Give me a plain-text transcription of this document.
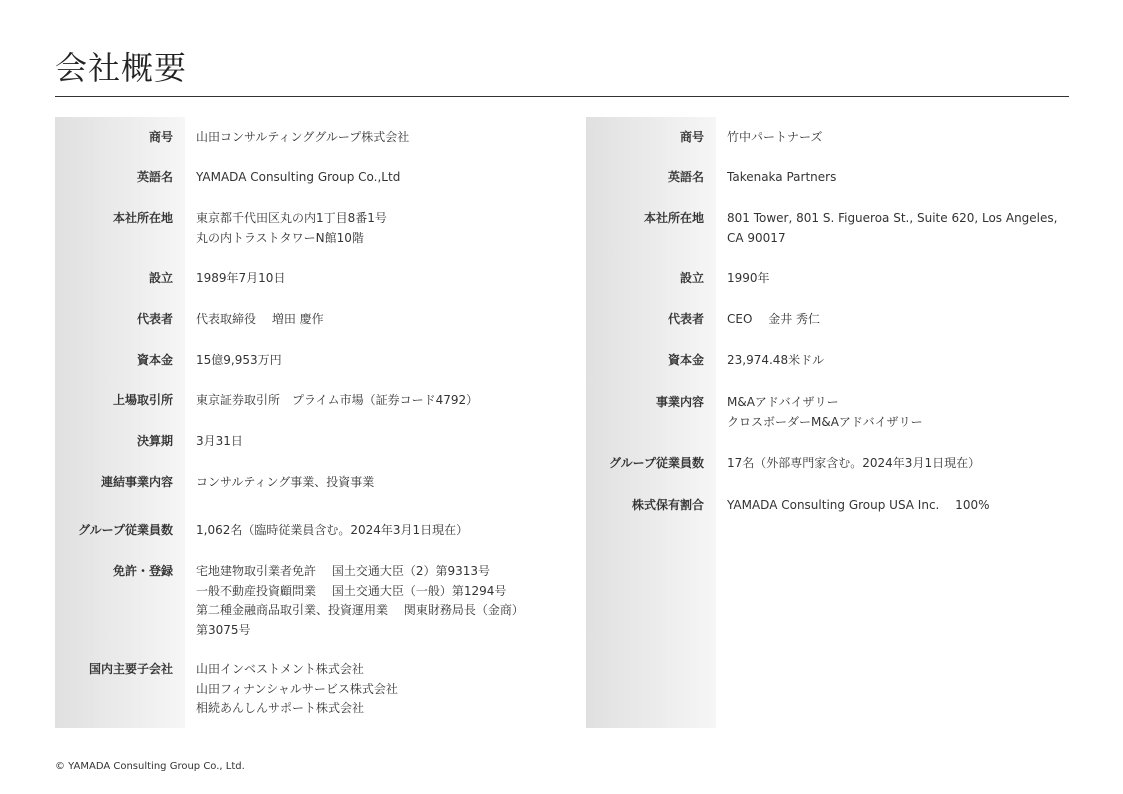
会社概要
商号	山田コンサルティンググループ株式会社
英語名	YAMADA Consulting Group Co.,Ltd
本社所在地	東京都千代田区丸の内1丁目8番1号
丸の内トラストタワーN館10階
設立	1989年7月10日
代表者	代表取締役　 増田 慶作
資本金	15億9,953万円
上場取引所	東京証券取引所　プライム市場（証券コード4792）
決算期	3月31日
連結事業内容	コンサルティング事業、投資事業
グループ従業員数	1,062名（臨時従業員含む。2024年3月1日現在）
免許・登録	宅地建物取引業者免許　 国土交通大臣（2）第9313号
一般不動産投資顧問業　 国土交通大臣（一般）第1294号
第二種金融商品取引業、投資運用業　 関東財務局長（金商）
第3075号
国内主要子会社	山田インベストメント株式会社
山田フィナンシャルサービス株式会社
相続あんしんサポート株式会社
商号	竹中パートナーズ
英語名	Takenaka Partners
本社所在地	801 Tower, 801 S. Figueroa St., Suite 620, Los Angeles,
CA 90017
設立	1990年
代表者	CEO　 金井 秀仁
資本金	23,974.48米ドル
事業内容	M&Aアドバイザリー
クロスボーダーM&Aアドバイザリー
グループ従業員数	17名（外部専門家含む。2024年3月1日現在）
株式保有割合	YAMADA Consulting Group USA Inc.　 100%
© YAMADA Consulting Group Co., Ltd.
